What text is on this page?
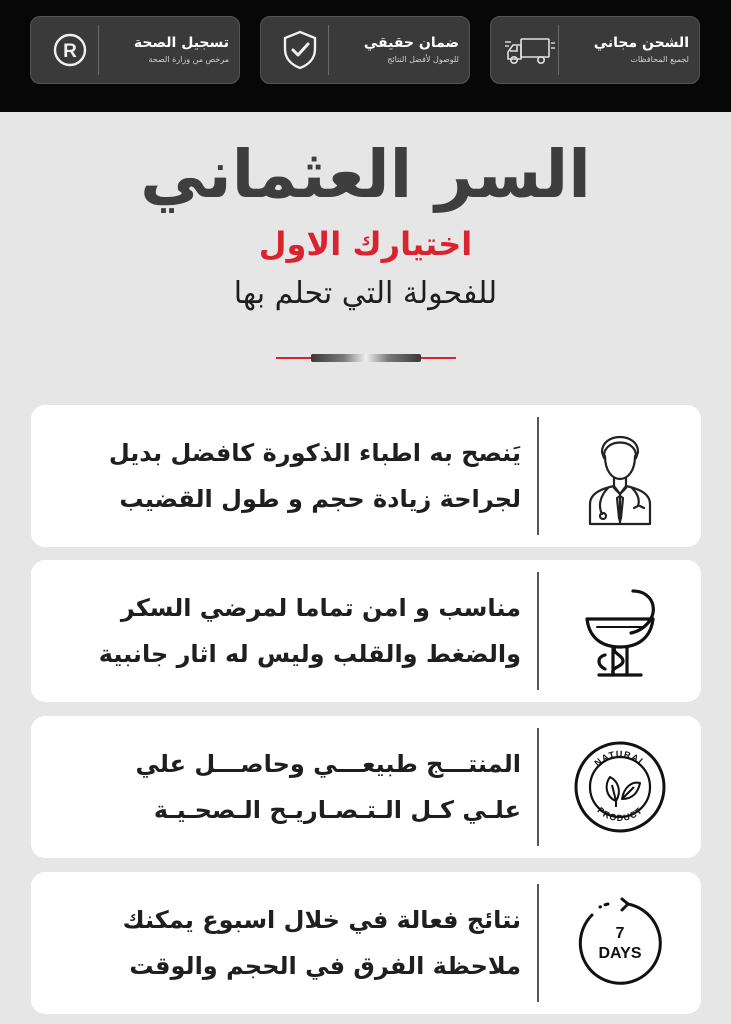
الشحن مجاني
لجميع المحافظات
ضمان حقيقي
للوصول لأفضل النتائج
R	تسجيل الصحة
مرخص من وزارة الصحة
السر العثماني
اختيارك الاول
للفحولة التي تحلم بها
يَنصح به اطباء الذكورة كافضل بديل
لجراحة زيادة حجم و طول القضيب
مناسب و امن تماما لمرضي السكر
والضغط والقلب وليس له اثار جانبية
المنتـــج طبيعـــي وحاصـــل علي
علـي كـل الـتـصـاريـح الـصحـيـة
NATURAL
PRODUCT
نتائج فعالة في خلال اسبوع يمكنك
ملاحظة الفرق في الحجم والوقت
7
DAYS
